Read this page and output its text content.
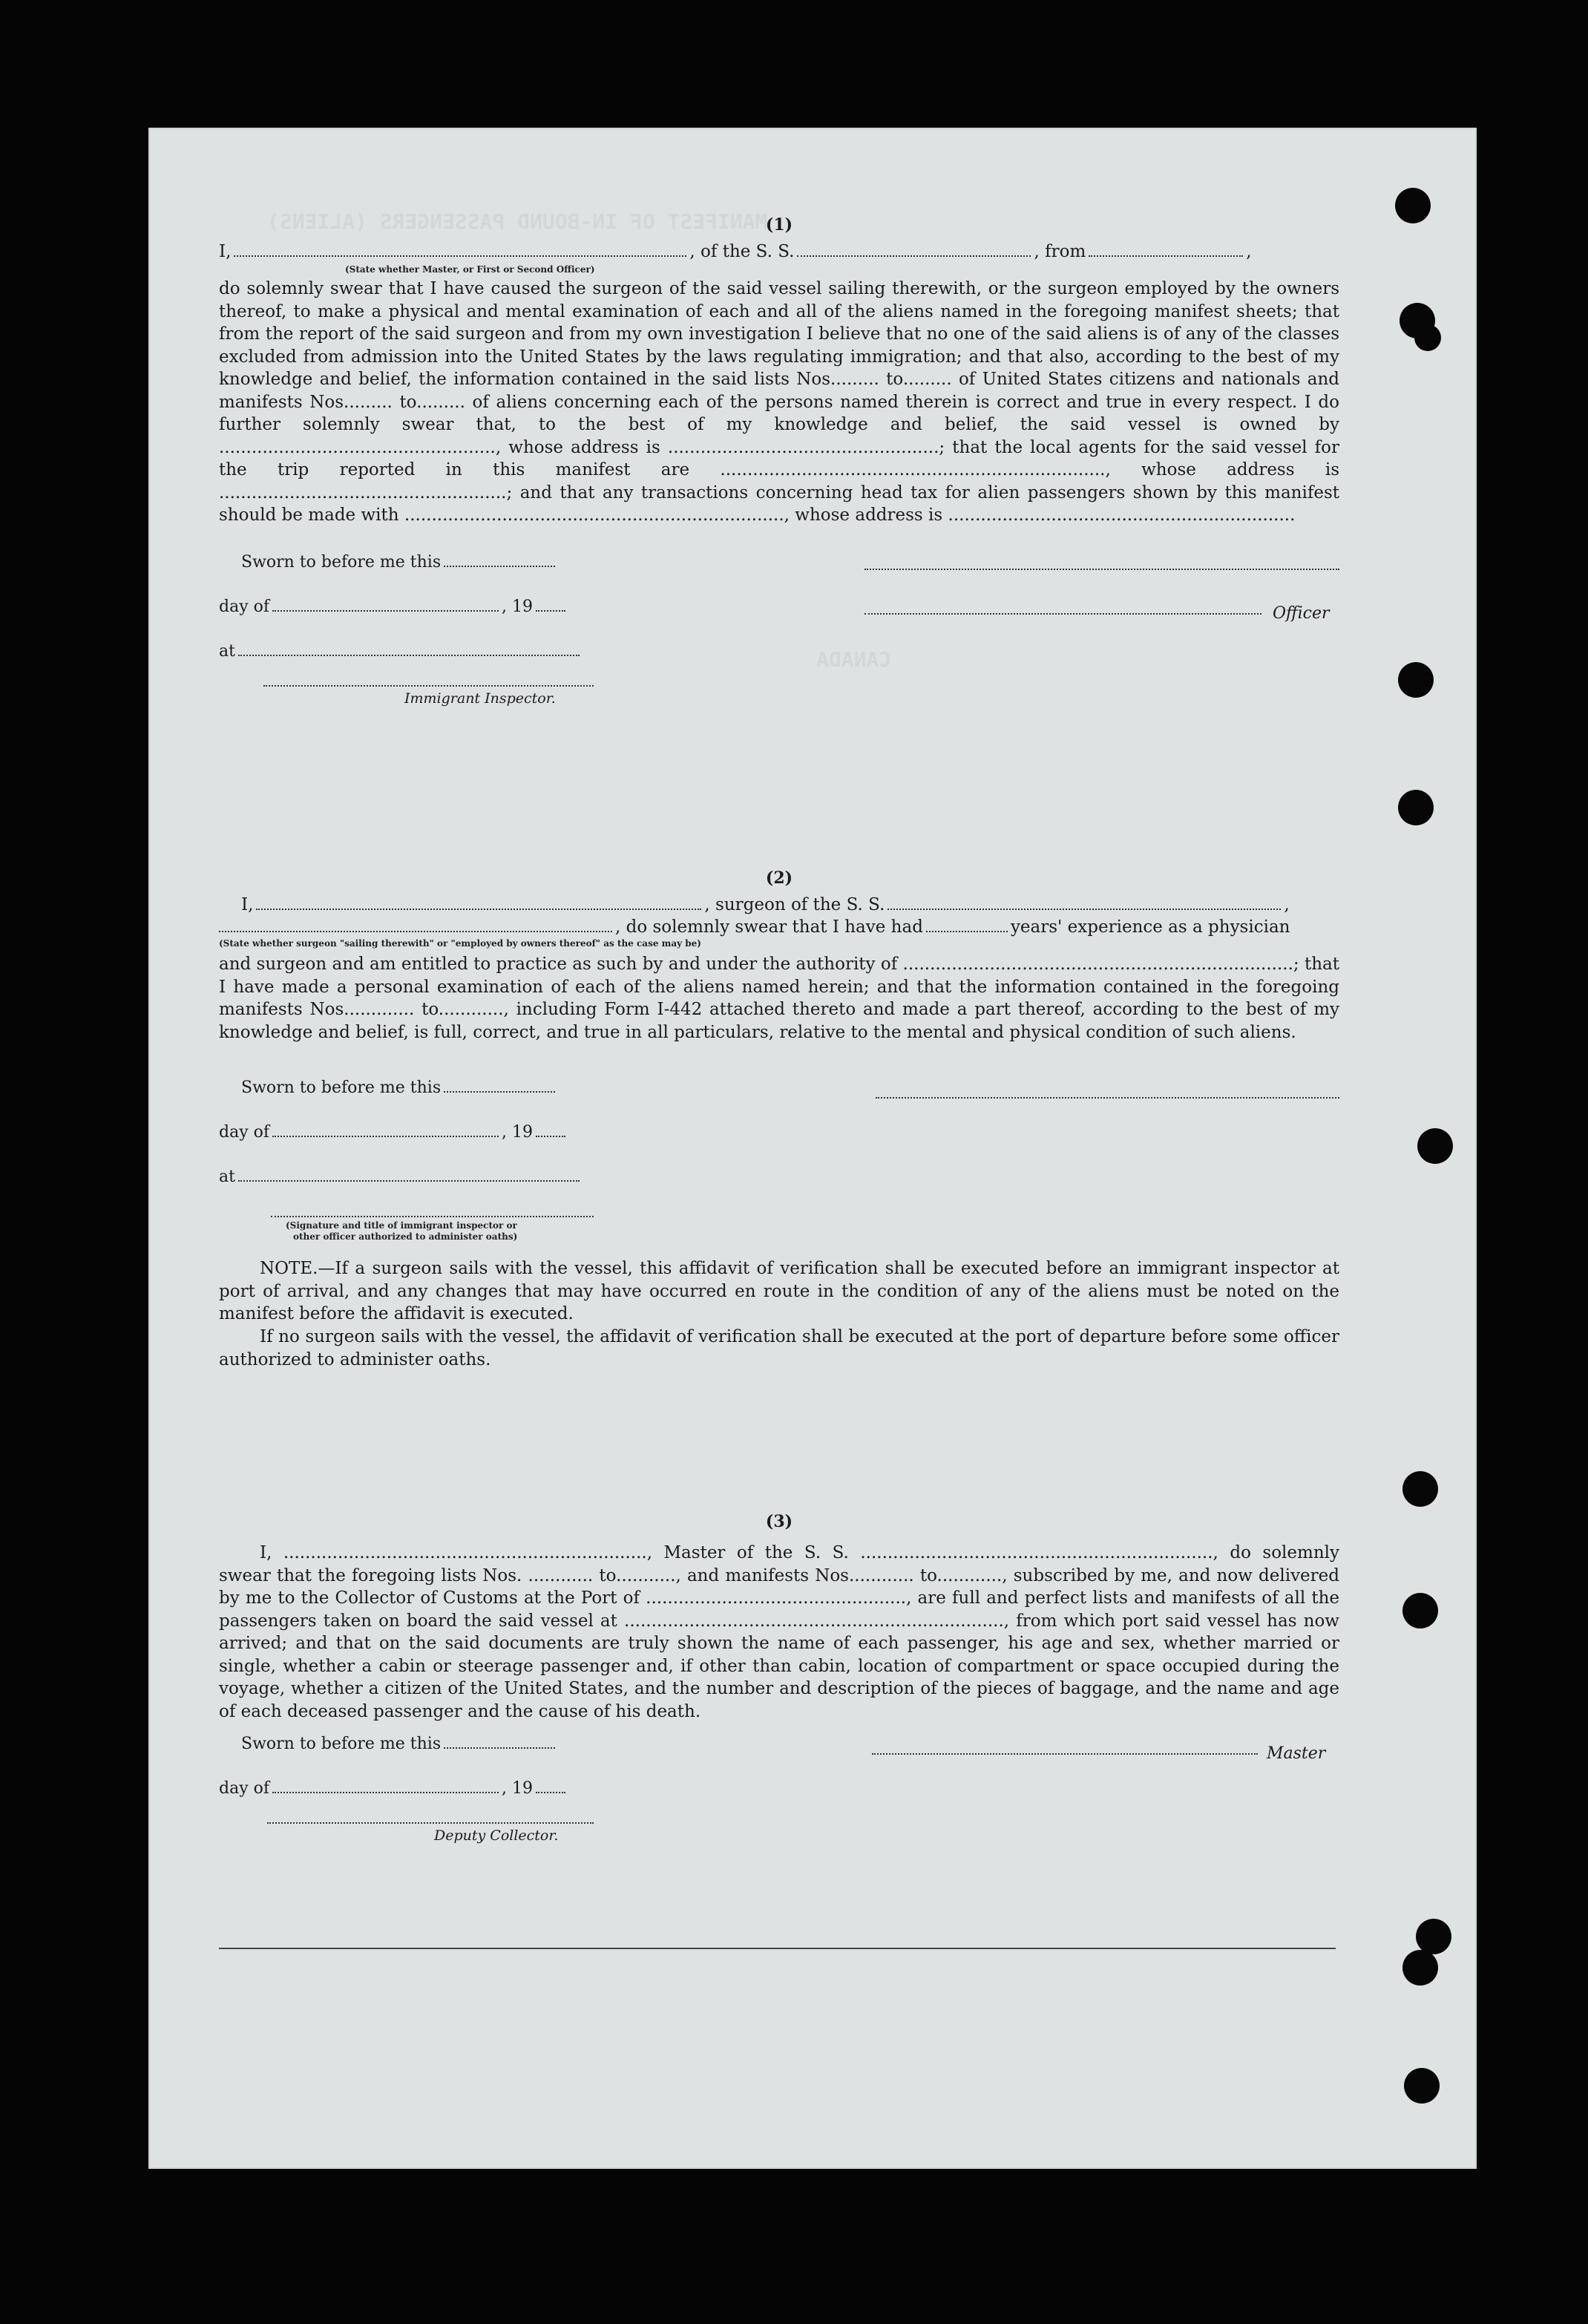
MANIFEST OF IN-BOUND PASSENGERS (ALIENS)
CANADA
(1)
I,	, of the S. S.	, from	,
(State whether Master, or First or Second Officer)
do solemnly swear that I have caused the surgeon of the said vessel sailing therewith, or the surgeon employed by the owners thereof, to make a physical and mental examination of each and all of the aliens named in the foregoing manifest sheets; that from the report of the said surgeon and from my own investigation I believe that no one of the said aliens is of any of the classes excluded from admission into the United States by the laws regulating immigration; and that also, according to the best of my knowledge and belief, the information contained in the said lists Nos......... to......... of United States citizens and nationals and manifests Nos......... to......... of aliens concerning each of the persons named therein is correct and true in every respect. I do further solemnly swear that, to the best of my knowledge and belief, the said vessel is owned by ..................................................., whose address is ..................................................; that the local agents for the said vessel for the trip reported in this manifest are ......................................................................., whose address is .....................................................; and that any transactions concerning head tax for alien passengers shown by this manifest should be made with ......................................................................, whose address is ................................................................
Sworn to before me this
day of	, 19
at
Immigrant Inspector.
Officer
(2)
I,	, surgeon of the S. S.	,
, do solemnly swear that I have had	years' experience as a physician
(State whether surgeon "sailing therewith" or "employed by owners thereof" as the case may be)
and surgeon and am entitled to practice as such by and under the authority of ........................................................................; that I have made a personal examination of each of the aliens named herein; and that the information contained in the foregoing manifests Nos............. to............, including Form I-442 attached thereto and made a part thereof, according to the best of my knowledge and belief, is full, correct, and true in all particulars, relative to the mental and physical condition of such aliens.
Sworn to before me this
day of	, 19
at
(Signature and title of immigrant inspector or
other officer authorized to administer oaths)
NOTE.—If a surgeon sails with the vessel, this affidavit of verification shall be executed before an immigrant inspector at port of arrival, and any changes that may have occurred en route in the condition of any of the aliens must be noted on the manifest before the affidavit is executed.
If no surgeon sails with the vessel, the affidavit of verification shall be executed at the port of departure before some officer authorized to administer oaths.
(3)
I, ..................................................................., Master of the S. S. ................................................................., do solemnly swear that the foregoing lists Nos. ............ to..........., and manifests Nos............ to............, subscribed by me, and now delivered by me to the Collector of Customs at the Port of ................................................, are full and perfect lists and manifests of all the passengers taken on board the said vessel at ......................................................................, from which port said vessel has now arrived; and that on the said documents are truly shown the name of each passenger, his age and sex, whether married or single, whether a cabin or steerage passenger and, if other than cabin, location of compartment or space occupied during the voyage, whether a citizen of the United States, and the number and description of the pieces of baggage, and the name and age of each deceased passenger and the cause of his death.
Sworn to before me this
day of	, 19
Deputy Collector.
Master
